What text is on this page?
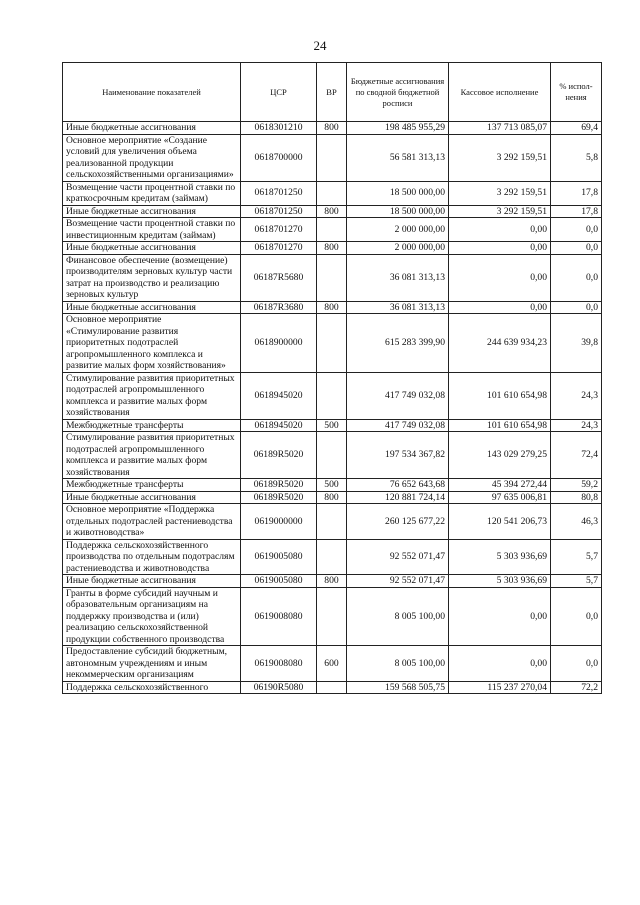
24
Наименование показателей	ЦСР	ВР	Бюджетные ассигнования по сводной бюджетной росписи	Кассовое исполнение	% испол-нения
Иные бюджетные ассигнования	0618301210	800	198 485 955,29	137 713 085,07	69,4
Основное мероприятие «Создание условий для увеличения объема реализованной продукции сельскохозяйственными организациями»	0618700000		56 581 313,13	3 292 159,51	5,8
Возмещение части процентной ставки по краткосрочным кредитам (займам)	0618701250		18 500 000,00	3 292 159,51	17,8
Иные бюджетные ассигнования	0618701250	800	18 500 000,00	3 292 159,51	17,8
Возмещение части процентной ставки по инвестиционным кредитам (займам)	0618701270		2 000 000,00	0,00	0,0
Иные бюджетные ассигнования	0618701270	800	2 000 000,00	0,00	0,0
Финансовое обеспечение (возмещение) производителям зерновых культур части затрат на производство и реализацию зерновых культур	06187R5680		36 081 313,13	0,00	0,0
Иные бюджетные ассигнования	06187R3680	800	36 081 313,13	0,00	0,0
Основное мероприятие «Стимулирование развития приоритетных подотраслей агропромышленного комплекса и развитие малых форм хозяйствования»	0618900000		615 283 399,90	244 639 934,23	39,8
Стимулирование развития приоритетных подотраслей агропромышленного комплекса и развитие малых форм хозяйствования	0618945020		417 749 032,08	101 610 654,98	24,3
Межбюджетные трансферты	0618945020	500	417 749 032,08	101 610 654,98	24,3
Стимулирование развития приоритетных подотраслей агропромышленного комплекса и развитие малых форм хозяйствования	06189R5020		197 534 367,82	143 029 279,25	72,4
Межбюджетные трансферты	06189R5020	500	76 652 643,68	45 394 272,44	59,2
Иные бюджетные ассигнования	06189R5020	800	120 881 724,14	97 635 006,81	80,8
Основное мероприятие «Поддержка отдельных подотраслей растениеводства и животноводства»	0619000000		260 125 677,22	120 541 206,73	46,3
Поддержка сельскохозяйственного производства по отдельным подотраслям растениеводства и животноводства	0619005080		92 552 071,47	5 303 936,69	5,7
Иные бюджетные ассигнования	0619005080	800	92 552 071,47	5 303 936,69	5,7
Гранты в форме субсидий научным и образовательным организациям на поддержку производства и (или) реализацию сельскохозяйственной продукции собственного производства	0619008080		8 005 100,00	0,00	0,0
Предоставление субсидий бюджетным, автономным учреждениям и иным некоммерческим организациям	0619008080	600	8 005 100,00	0,00	0,0
Поддержка сельскохозяйственного	06190R5080		159 568 505,75	115 237 270,04	72,2
